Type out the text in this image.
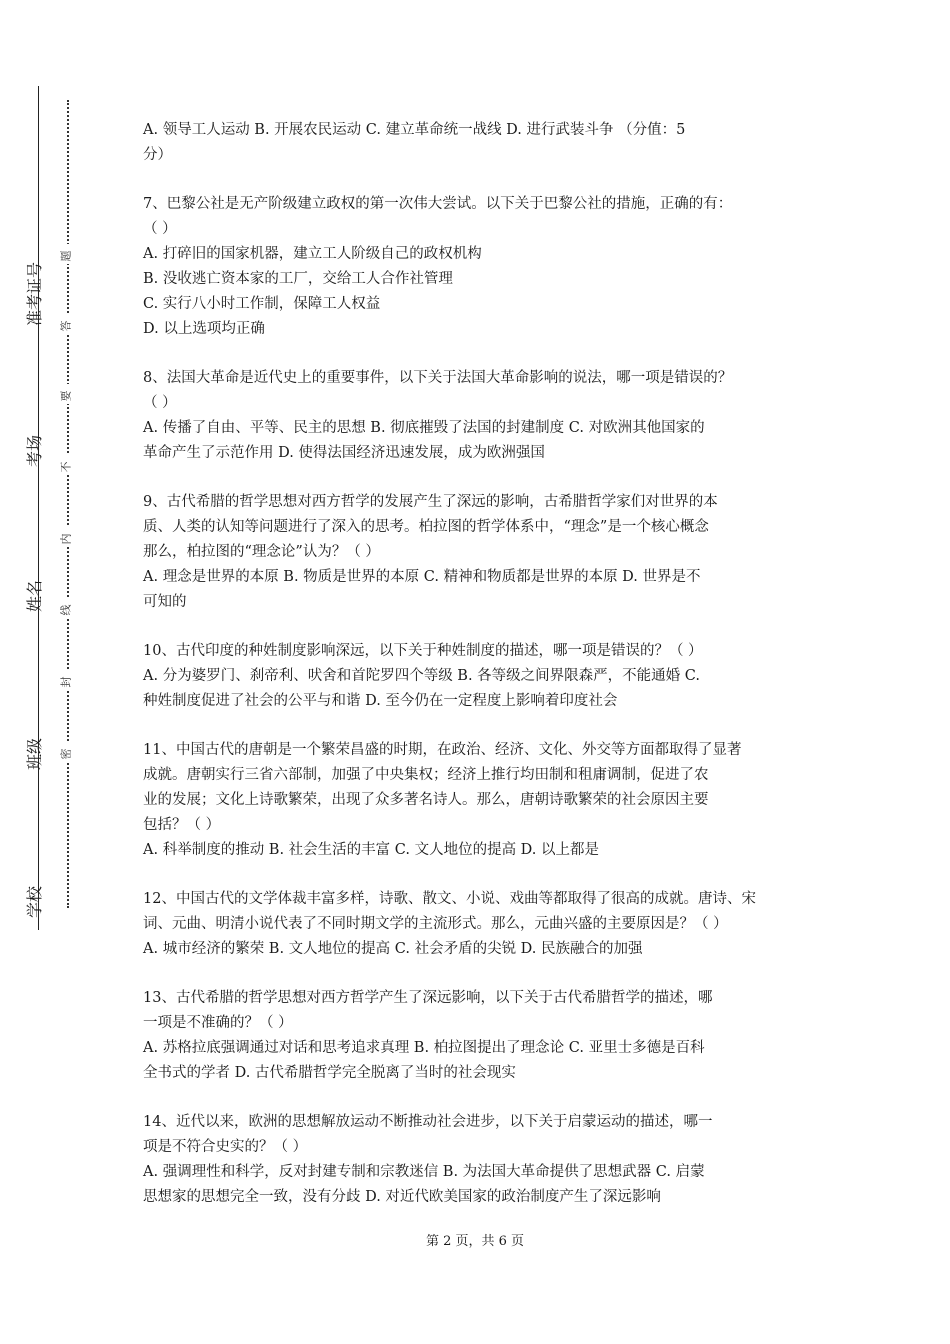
准考证号
考场
姓名
班级
学校
题
答
要
不
内
线
封
密

A. 领导工人运动 B. 开展农民运动 C. 建立革命统一战线 D. 进行武装斗争 （分值：5

分）

7、巴黎公社是无产阶级建立政权的第一次伟大尝试。以下关于巴黎公社的措施，正确的有：

（ ）

A. 打碎旧的国家机器，建立工人阶级自己的政权机构

B. 没收逃亡资本家的工厂，交给工人合作社管理

C. 实行八小时工作制，保障工人权益

D. 以上选项均正确

8、法国大革命是近代史上的重要事件，以下关于法国大革命影响的说法，哪一项是错误的？

（ ）

A. 传播了自由、平等、民主的思想 B. 彻底摧毁了法国的封建制度 C. 对欧洲其他国家的

革命产生了示范作用 D. 使得法国经济迅速发展，成为欧洲强国

9、古代希腊的哲学思想对西方哲学的发展产生了深远的影响，古希腊哲学家们对世界的本

质、人类的认知等问题进行了深入的思考。柏拉图的哲学体系中，“理念”是一个核心概念

那么，柏拉图的“理念论”认为？（ ）

A. 理念是世界的本原 B. 物质是世界的本原 C. 精神和物质都是世界的本原 D. 世界是不

可知的

10、古代印度的种姓制度影响深远，以下关于种姓制度的描述，哪一项是错误的？（ ）

A. 分为婆罗门、刹帝利、吠舍和首陀罗四个等级 B. 各等级之间界限森严，不能通婚 C.

种姓制度促进了社会的公平与和谐 D. 至今仍在一定程度上影响着印度社会

11、中国古代的唐朝是一个繁荣昌盛的时期，在政治、经济、文化、外交等方面都取得了显著

成就。唐朝实行三省六部制，加强了中央集权；经济上推行均田制和租庸调制，促进了农

业的发展；文化上诗歌繁荣，出现了众多著名诗人。那么，唐朝诗歌繁荣的社会原因主要

包括？（ ）

A. 科举制度的推动 B. 社会生活的丰富 C. 文人地位的提高 D. 以上都是

12、中国古代的文学体裁丰富多样，诗歌、散文、小说、戏曲等都取得了很高的成就。唐诗、宋

词、元曲、明清小说代表了不同时期文学的主流形式。那么，元曲兴盛的主要原因是？（ ）

A. 城市经济的繁荣 B. 文人地位的提高 C. 社会矛盾的尖锐 D. 民族融合的加强

13、古代希腊的哲学思想对西方哲学产生了深远影响，以下关于古代希腊哲学的描述，哪

一项是不准确的？（ ）

A. 苏格拉底强调通过对话和思考追求真理 B. 柏拉图提出了理念论 C. 亚里士多德是百科

全书式的学者 D. 古代希腊哲学完全脱离了当时的社会现实

14、近代以来，欧洲的思想解放运动不断推动社会进步，以下关于启蒙运动的描述，哪一

项是不符合史实的？（ ）

A. 强调理性和科学，反对封建专制和宗教迷信 B. 为法国大革命提供了思想武器 C. 启蒙

思想家的思想完全一致，没有分歧 D. 对近代欧美国家的政治制度产生了深远影响

第 2 页，共 6 页
